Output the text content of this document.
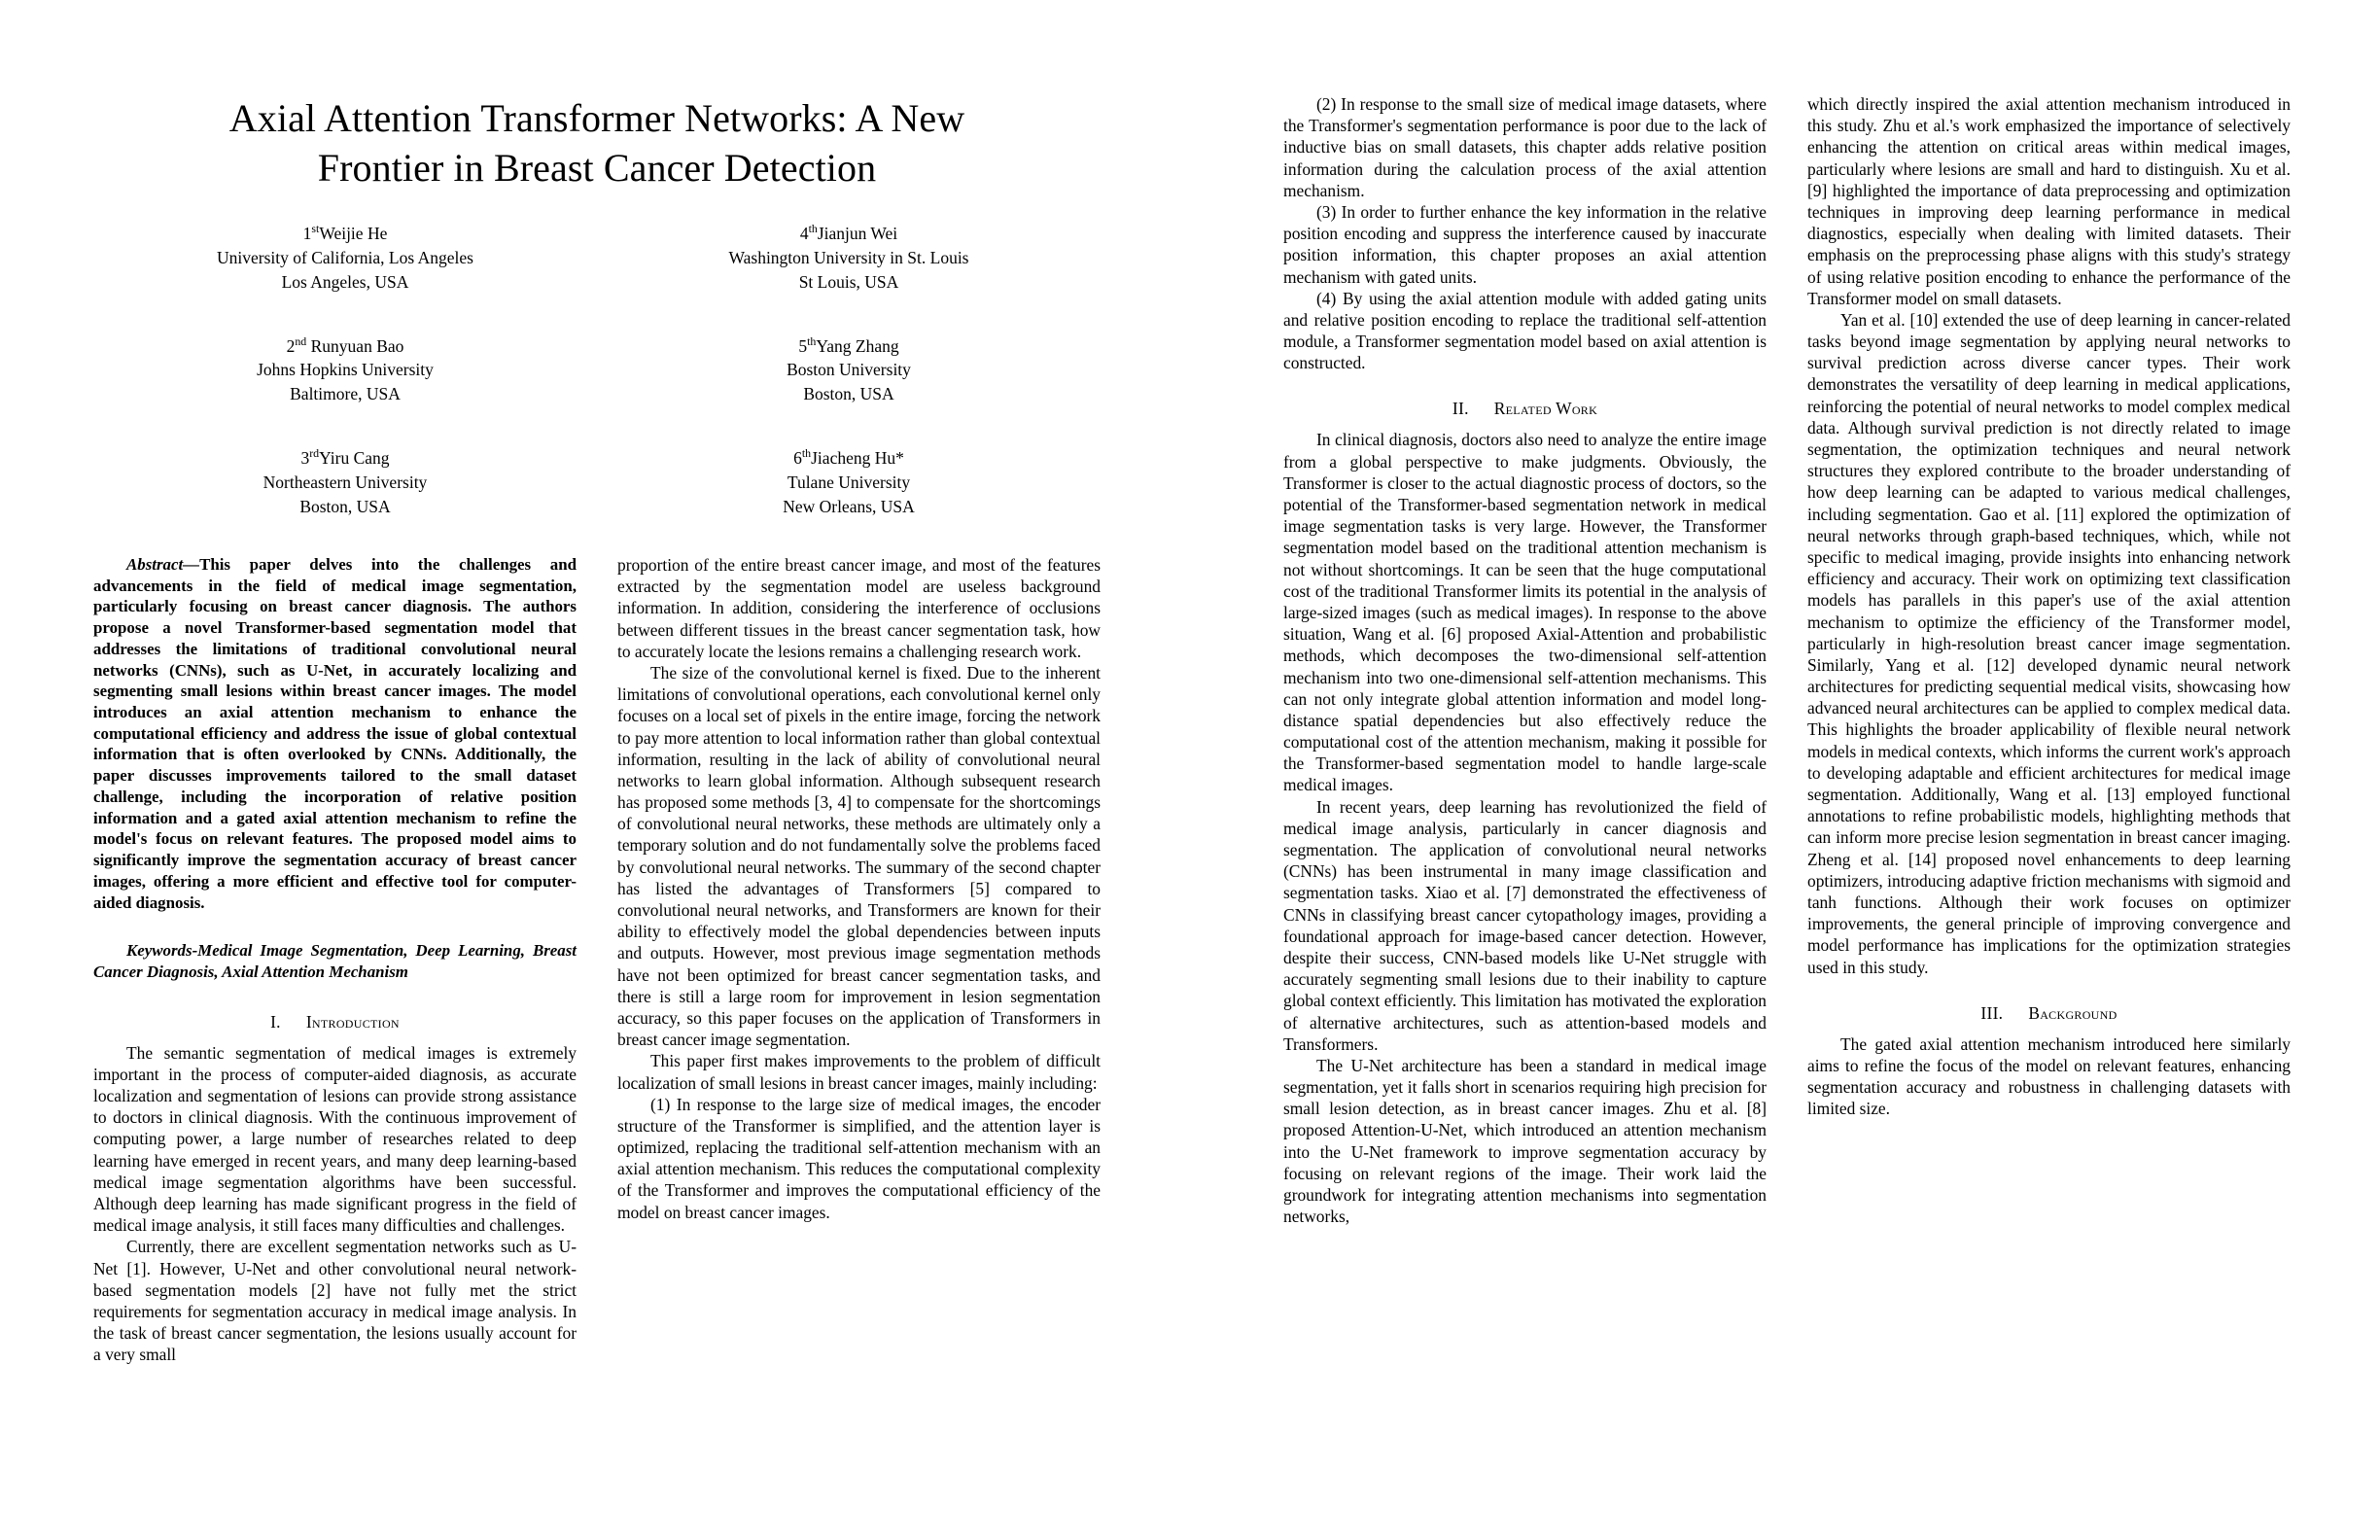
Axial Attention Transformer Networks: A New
Frontier in Breast Cancer Detection
1stWeijie He
University of California, Los Angeles
Los Angeles, USA
4thJianjun Wei
Washington University in St. Louis
St Louis, USA
2nd Runyuan Bao
Johns Hopkins University
Baltimore, USA
5thYang Zhang
Boston University
Boston, USA
3rdYiru Cang
Northeastern University
Boston, USA
6thJiacheng Hu*
Tulane University
New Orleans, USA

Abstract—This paper delves into the challenges and advancements in the field of medical image segmentation, particularly focusing on breast cancer diagnosis. The authors propose a novel Transformer-based segmentation model that addresses the limitations of traditional convolutional neural networks (CNNs), such as U-Net, in accurately localizing and segmenting small lesions within breast cancer images. The model introduces an axial attention mechanism to enhance the computational efficiency and address the issue of global contextual information that is often overlooked by CNNs. Additionally, the paper discusses improvements tailored to the small dataset challenge, including the incorporation of relative position information and a gated axial attention mechanism to refine the model's focus on relevant features. The proposed model aims to significantly improve the segmentation accuracy of breast cancer images, offering a more efficient and effective tool for computer-aided diagnosis.

Keywords-Medical Image Segmentation, Deep Learning, Breast Cancer Diagnosis, Axial Attention Mechanism

I. Introduction

The semantic segmentation of medical images is extremely important in the process of computer-aided diagnosis, as accurate localization and segmentation of lesions can provide strong assistance to doctors in clinical diagnosis. With the continuous improvement of computing power, a large number of researches related to deep learning have emerged in recent years, and many deep learning-based medical image segmentation algorithms have been successful. Although deep learning has made significant progress in the field of medical image analysis, it still faces many difficulties and challenges.

Currently, there are excellent segmentation networks such as U-Net [1]. However, U-Net and other convolutional neural network-based segmentation models [2] have not fully met the strict requirements for segmentation accuracy in medical image analysis. In the task of breast cancer segmentation, the lesions usually account for a very small

proportion of the entire breast cancer image, and most of the features extracted by the segmentation model are useless background information. In addition, considering the interference of occlusions between different tissues in the breast cancer segmentation task, how to accurately locate the lesions remains a challenging research work.

The size of the convolutional kernel is fixed. Due to the inherent limitations of convolutional operations, each convolutional kernel only focuses on a local set of pixels in the entire image, forcing the network to pay more attention to local information rather than global contextual information, resulting in the lack of ability of convolutional neural networks to learn global information. Although subsequent research has proposed some methods [3, 4] to compensate for the shortcomings of convolutional neural networks, these methods are ultimately only a temporary solution and do not fundamentally solve the problems faced by convolutional neural networks. The summary of the second chapter has listed the advantages of Transformers [5] compared to convolutional neural networks, and Transformers are known for their ability to effectively model the global dependencies between inputs and outputs. However, most previous image segmentation methods have not been optimized for breast cancer segmentation tasks, and there is still a large room for improvement in lesion segmentation accuracy, so this paper focuses on the application of Transformers in breast cancer image segmentation.

This paper first makes improvements to the problem of difficult localization of small lesions in breast cancer images, mainly including:

(1) In response to the large size of medical images, the encoder structure of the Transformer is simplified, and the attention layer is optimized, replacing the traditional self-attention mechanism with an axial attention mechanism. This reduces the computational complexity of the Transformer and improves the computational efficiency of the model on breast cancer images.

(2) In response to the small size of medical image datasets, where the Transformer's segmentation performance is poor due to the lack of inductive bias on small datasets, this chapter adds relative position information during the calculation process of the axial attention mechanism.

(3) In order to further enhance the key information in the relative position encoding and suppress the interference caused by inaccurate position information, this chapter proposes an axial attention mechanism with gated units.

(4) By using the axial attention module with added gating units and relative position encoding to replace the traditional self-attention module, a Transformer segmentation model based on axial attention is constructed.

II. Related Work

In clinical diagnosis, doctors also need to analyze the entire image from a global perspective to make judgments. Obviously, the Transformer is closer to the actual diagnostic process of doctors, so the potential of the Transformer-based segmentation network in medical image segmentation tasks is very large. However, the Transformer segmentation model based on the traditional attention mechanism is not without shortcomings. It can be seen that the huge computational cost of the traditional Transformer limits its potential in the analysis of large-sized images (such as medical images). In response to the above situation, Wang et al. [6] proposed Axial-Attention and probabilistic methods, which decomposes the two-dimensional self-attention mechanism into two one-dimensional self-attention mechanisms. This can not only integrate global attention information and model long-distance spatial dependencies but also effectively reduce the computational cost of the attention mechanism, making it possible for the Transformer-based segmentation model to handle large-scale medical images.

In recent years, deep learning has revolutionized the field of medical image analysis, particularly in cancer diagnosis and segmentation. The application of convolutional neural networks (CNNs) has been instrumental in many image classification and segmentation tasks. Xiao et al. [7] demonstrated the effectiveness of CNNs in classifying breast cancer cytopathology images, providing a foundational approach for image-based cancer detection. However, despite their success, CNN-based models like U-Net struggle with accurately segmenting small lesions due to their inability to capture global context efficiently. This limitation has motivated the exploration of alternative architectures, such as attention-based models and Transformers.

The U-Net architecture has been a standard in medical image segmentation, yet it falls short in scenarios requiring high precision for small lesion detection, as in breast cancer images. Zhu et al. [8] proposed Attention-U-Net, which introduced an attention mechanism into the U-Net framework to improve segmentation accuracy by focusing on relevant regions of the image. Their work laid the groundwork for integrating attention mechanisms into segmentation networks,

which directly inspired the axial attention mechanism introduced in this study. Zhu et al.'s work emphasized the importance of selectively enhancing the attention on critical areas within medical images, particularly where lesions are small and hard to distinguish. Xu et al. [9] highlighted the importance of data preprocessing and optimization techniques in improving deep learning performance in medical diagnostics, especially when dealing with limited datasets. Their emphasis on the preprocessing phase aligns with this study's strategy of using relative position encoding to enhance the performance of the Transformer model on small datasets.

Yan et al. [10] extended the use of deep learning in cancer-related tasks beyond image segmentation by applying neural networks to survival prediction across diverse cancer types. Their work demonstrates the versatility of deep learning in medical applications, reinforcing the potential of neural networks to model complex medical data. Although survival prediction is not directly related to image segmentation, the optimization techniques and neural network structures they explored contribute to the broader understanding of how deep learning can be adapted to various medical challenges, including segmentation. Gao et al. [11] explored the optimization of neural networks through graph-based techniques, which, while not specific to medical imaging, provide insights into enhancing network efficiency and accuracy. Their work on optimizing text classification models has parallels in this paper's use of the axial attention mechanism to optimize the efficiency of the Transformer model, particularly in high-resolution breast cancer image segmentation. Similarly, Yang et al. [12] developed dynamic neural network architectures for predicting sequential medical visits, showcasing how advanced neural architectures can be applied to complex medical data. This highlights the broader applicability of flexible neural network models in medical contexts, which informs the current work's approach to developing adaptable and efficient architectures for medical image segmentation. Additionally, Wang et al. [13] employed functional annotations to refine probabilistic models, highlighting methods that can inform more precise lesion segmentation in breast cancer imaging. Zheng et al. [14] proposed novel enhancements to deep learning optimizers, introducing adaptive friction mechanisms with sigmoid and tanh functions. Although their work focuses on optimizer improvements, the general principle of improving convergence and model performance has implications for the optimization strategies used in this study.

III. Background

The gated axial attention mechanism introduced here similarly aims to refine the focus of the model on relevant features, enhancing segmentation accuracy and robustness in challenging datasets with limited size.
